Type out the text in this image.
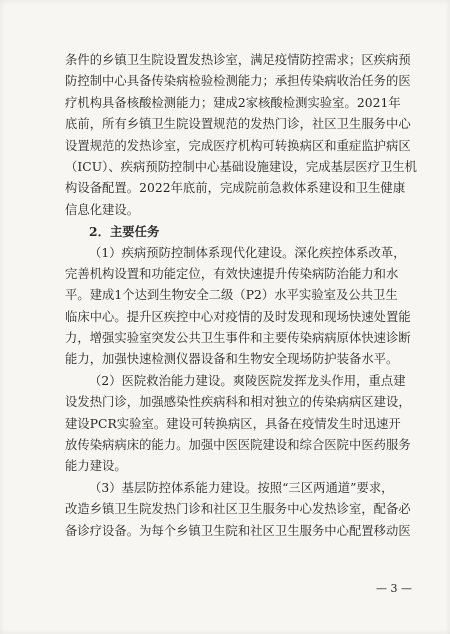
条件的乡镇卫生院设置发热诊室，满足疫情防控需求；区疾病预
防控制中心具备传染病检验检测能力；承担传染病收治任务的医
疗机构具备核酸检测能力；建成2家核酸检测实验室。2021年
底前，所有乡镇卫生院设置规范的发热门诊，社区卫生服务中心
设置规范的发热诊室，完成医疗机构可转换病区和重症监护病区
（ICU）、疾病预防控制中心基础设施建设，完成基层医疗卫生机
构设备配置。2022年底前，完成院前急救体系建设和卫生健康
信息化建设。
2．主要任务
（1）疾病预防控制体系现代化建设。深化疾控体系改革，
完善机构设置和功能定位，有效快速提升传染病防治能力和水
平。建成1个达到生物安全二级（P2）水平实验室及公共卫生
临床中心。提升区疾控中心对疫情的及时发现和现场快速处置能
力，增强实验室突发公共卫生事件和主要传染病病原体快速诊断
能力，加强快速检测仪器设备和生物安全现场防护装备水平。
（2）医院救治能力建设。爽陵医院发挥龙头作用，重点建
设发热门诊，加强感染性疾病科和相对独立的传染病病区建设，
建设PCR实验室。建设可转换病区，具备在疫情发生时迅速开
放传染病病床的能力。加强中医医院建设和综合医院中医药服务
能力建设。
（3）基层防控体系能力建设。按照“三区两通道”要求，
改造乡镇卫生院发热门诊和社区卫生服务中心发热诊室，配备必
备诊疗设备。为每个乡镇卫生院和社区卫生服务中心配置移动医
— 3 —
